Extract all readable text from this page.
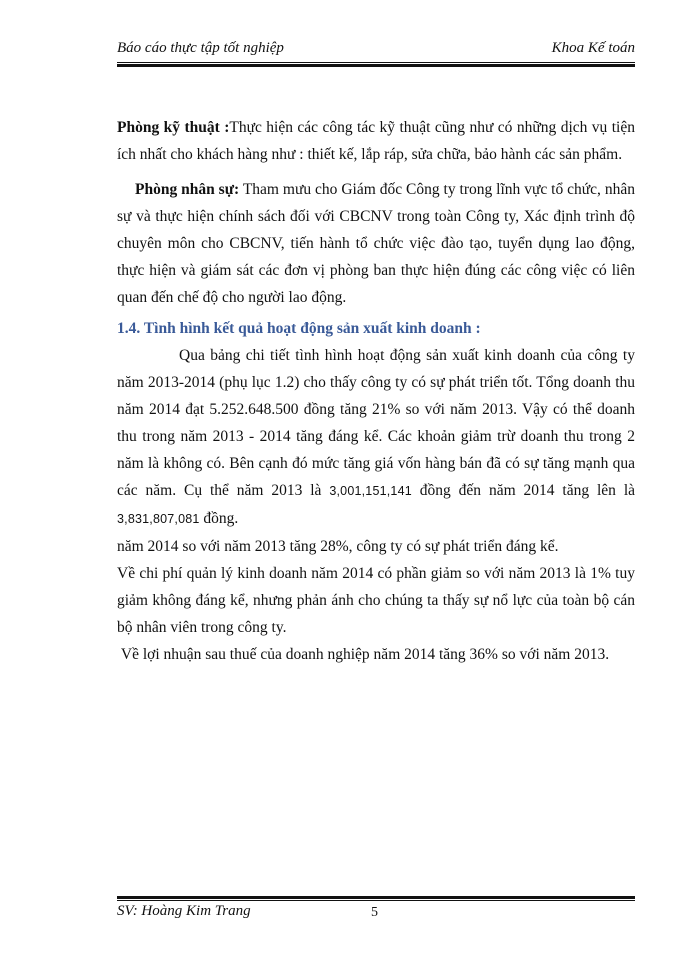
Báo cáo thực tập tốt nghiệp	Khoa Kế toán

Phòng kỹ thuật :Thực hiện các công tác kỹ thuật cũng như có những dịch vụ tiện ích nhất cho khách hàng như : thiết kế, lắp ráp, sửa chữa, bảo hành các sản phẩm.

Phòng nhân sự: Tham mưu cho Giám đốc Công ty trong lĩnh vực tổ chức, nhân sự và thực hiện chính sách đối với CBCNV trong toàn Công ty, Xác định trình độ chuyên môn cho CBCNV, tiến hành tổ chức việc đào tạo, tuyển dụng lao động, thực hiện và giám sát các đơn vị phòng ban thực hiện đúng các công việc có liên quan đến chế độ cho người lao động.

1.4. Tình hình kết quả hoạt động sản xuất kinh doanh :

Qua bảng chi tiết tình hình hoạt động sản xuất kinh doanh của công ty năm 2013-2014 (phụ lục 1.2) cho thấy công ty có sự phát triển tốt. Tổng doanh thu năm 2014 đạt 5.252.648.500 đồng tăng 21% so với năm 2013. Vậy có thể doanh thu trong năm 2013 - 2014 tăng đáng kể. Các khoản giảm trừ doanh thu trong 2 năm là không có. Bên cạnh đó mức tăng giá vốn hàng bán đã có sự tăng mạnh qua các năm. Cụ thể năm 2013 là 3,001,151,141 đồng đến năm 2014 tăng lên là 3,831,807,081 đồng.

năm 2014 so với năm 2013 tăng 28%, công ty có sự phát triển đáng kể.

Về chi phí quản lý kinh doanh năm 2014 có phần giảm so với năm 2013 là 1% tuy giảm không đáng kể, nhưng phản ánh cho chúng ta thấy sự nổ lực của toàn bộ cán bộ nhân viên trong công ty.

Về lợi nhuận sau thuế của doanh nghiệp năm 2014 tăng 36% so với năm 2013.

SV: Hoàng Kim Trang	5
